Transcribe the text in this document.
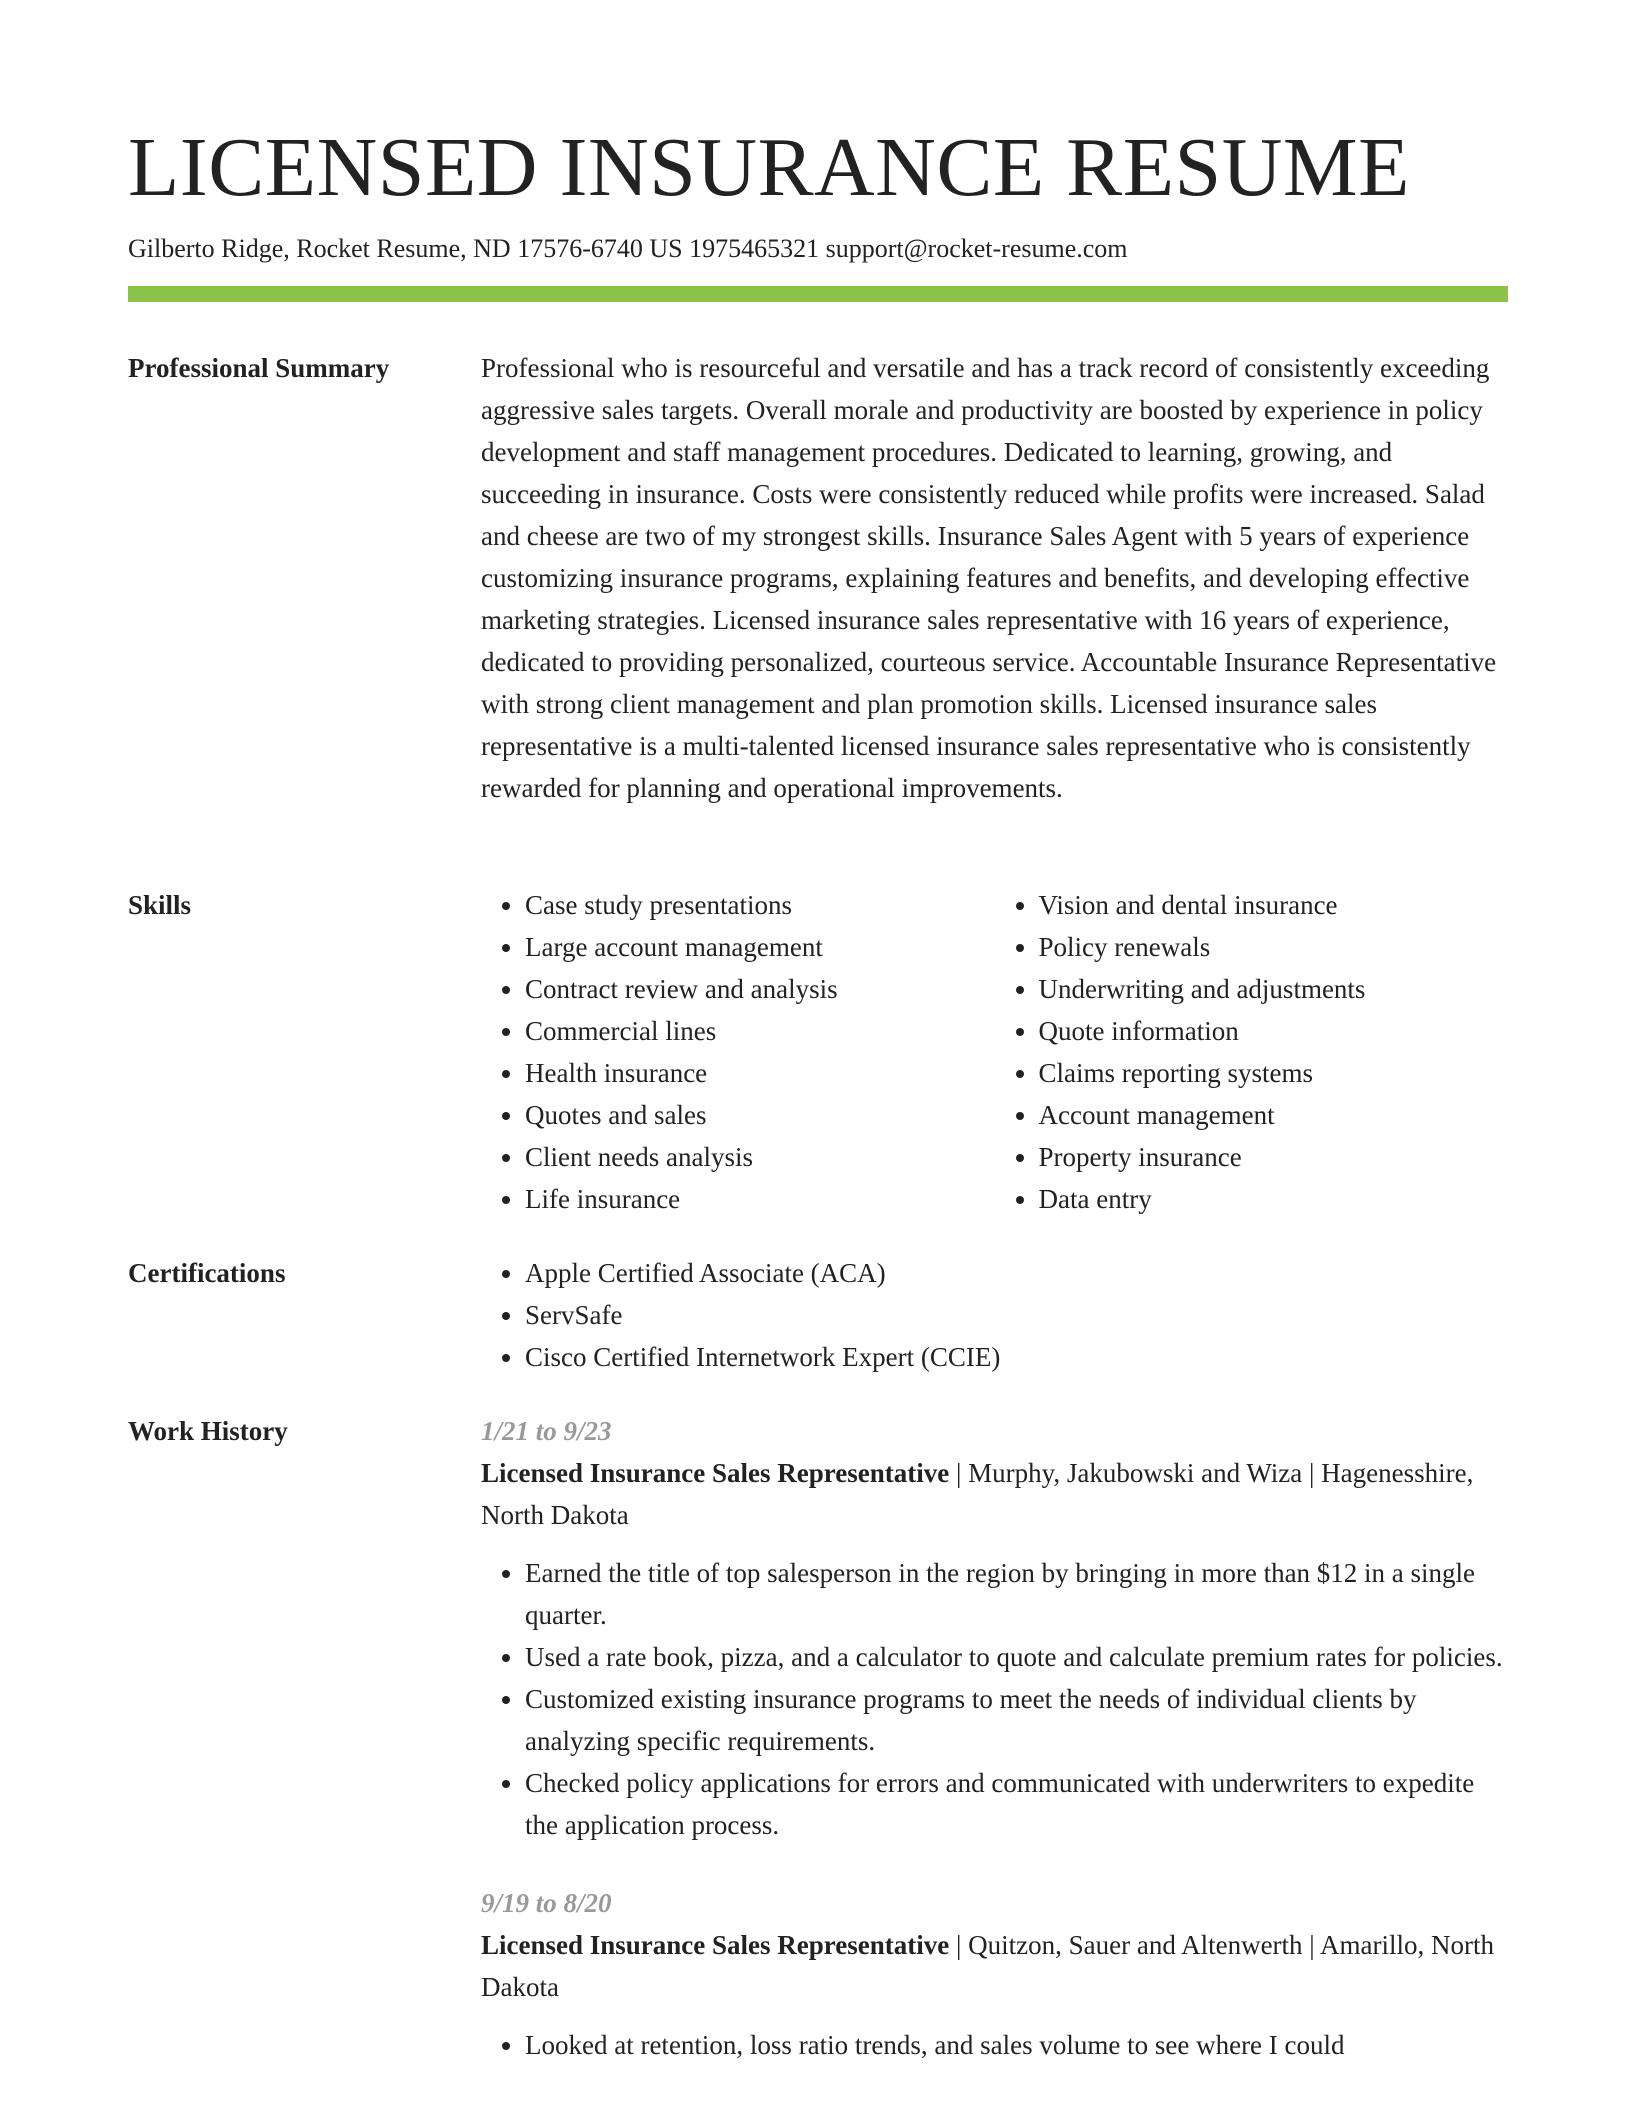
LICENSED INSURANCE RESUME
Gilberto Ridge, Rocket Resume, ND 17576-6740 US 1975465321 support@rocket-resume.com
Professional Summary	Professional who is resourceful and versatile and has a track record of consistently exceeding aggressive sales targets. Overall morale and productivity are boosted by experience in policy development and staff management procedures. Dedicated to learning, growing, and succeeding in insurance. Costs were consistently reduced while profits were increased. Salad and cheese are two of my strongest skills. Insurance Sales Agent with 5 years of experience customizing insurance programs, explaining features and benefits, and developing effective marketing strategies. Licensed insurance sales representative with 16 years of experience, dedicated to providing personalized, courteous service. Accountable Insurance Representative with strong client management and plan promotion skills. Licensed insurance sales representative is a multi-talented licensed insurance sales representative who is consistently rewarded for planning and operational improvements.

Skills	• Case study presentations
• Large account management
• Contract review and analysis
• Commercial lines
• Health insurance
• Quotes and sales
• Client needs analysis
• Life insurance
• Vision and dental insurance
• Policy renewals
• Underwriting and adjustments
• Quote information
• Claims reporting systems
• Account management
• Property insurance
• Data entry
Certifications	• Apple Certified Associate (ACA)
• ServSafe
• Cisco Certified Internetwork Expert (CCIE)
Work History	1/21 to 9/23
Licensed Insurance Sales Representative | Murphy, Jakubowski and Wiza | Hagenesshire, North Dakota
• Earned the title of top salesperson in the region by bringing in more than $12 in a single quarter.
• Used a rate book, pizza, and a calculator to quote and calculate premium rates for policies.
• Customized existing insurance programs to meet the needs of individual clients by analyzing specific requirements.
• Checked policy applications for errors and communicated with underwriters to expedite the application process.
9/19 to 8/20
Licensed Insurance Sales Representative | Quitzon, Sauer and Altenwerth | Amarillo, North Dakota
• Looked at retention, loss ratio trends, and sales volume to see where I could
